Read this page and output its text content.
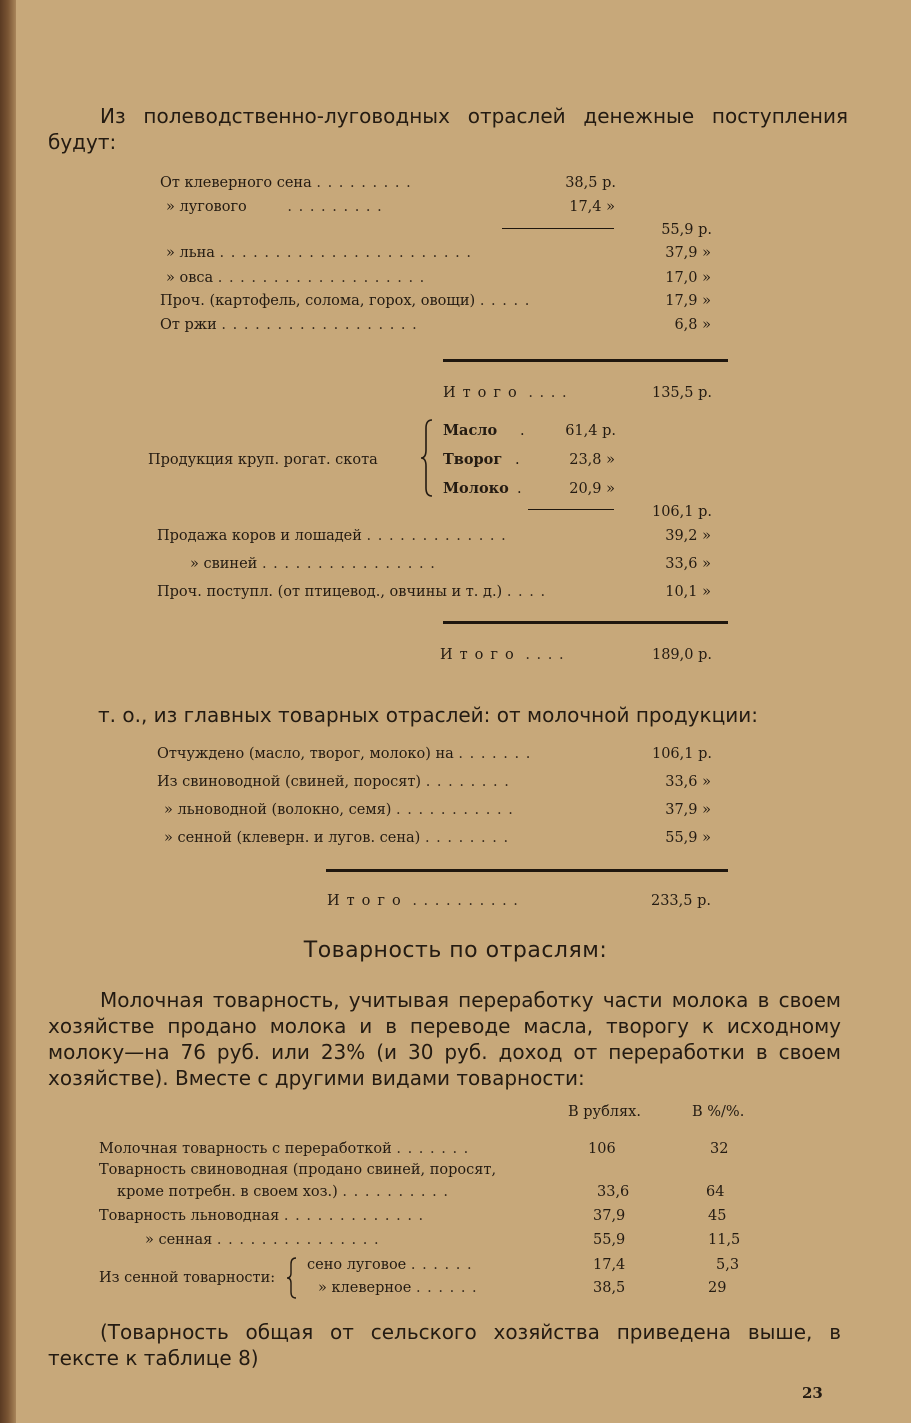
Из полеводственно-луговодных отраслей денежные поступления будут:
От клеверного сена . . . . . . . . .	38,5 р.
» лугового	. . . . . . . . .	17,4 »
55,9 р.
» льна . . . . . . . . . . . . . . . . . . . . . . .	37,9 »
» овса . . . . . . . . . . . . . . . . . . .	17,0 »
Проч. (картофель, солома, горох, овощи) . . . . .	17,9 »
От ржи . . . . . . . . . . . . . . . . . .	6,8 »
Итого . . . .	135,5 р.
Продукция круп. рогат. скота
Масло .	61,4 р.
Творог .	23,8 »
Молоко .	20,9 »
106,1 р.
Продажа коров и лошадей . . . . . . . . . . . . .	39,2 »
» свиней . . . . . . . . . . . . . . . .	33,6 »
Проч. поступл. (от птицевод., овчины и т. д.) . . . .	10,1 »
Итого . . . .	189,0 р.
т. о., из главных товарных отраслей: от молочной продукции:
Отчуждено (масло, творог, молоко) на . . . . . . .	106,1 р.
Из свиноводной (свиней, поросят) . . . . . . . .	33,6 »
» льноводной (волокно, семя) . . . . . . . . . . .	37,9 »
» сенной (клеверн. и лугов. сена) . . . . . . . .	55,9 »
Итого . . . . . . . . . .	233,5 р.
Товарность по отраслям:
Молочная товарность, учитывая переработку части молока в своем хозяйстве продано молока и в переводе масла, творогу к исходному молоку—на 76 руб. или 23% (и 30 руб. доход от переработки в своем хозяйстве). Вместе с другими видами товарности:
В рублях.	В %/%.
Молочная товарность с переработкой . . . . . . .	106	32
Товарность свиноводная (продано свиней, поросят,
кроме потребн. в своем хоз.) . . . . . . . . . .	33,6	64
Товарность льноводная . . . . . . . . . . . . .	37,9	45
» сенная . . . . . . . . . . . . . . .	55,9	11,5
Из сенной товарности:
сено луговое . . . . . .	17,4	5,3
» клеверное . . . . . .	38,5	29
(Товарность общая от сельского хозяйства приведена выше, в тексте к таблице 8)
23
